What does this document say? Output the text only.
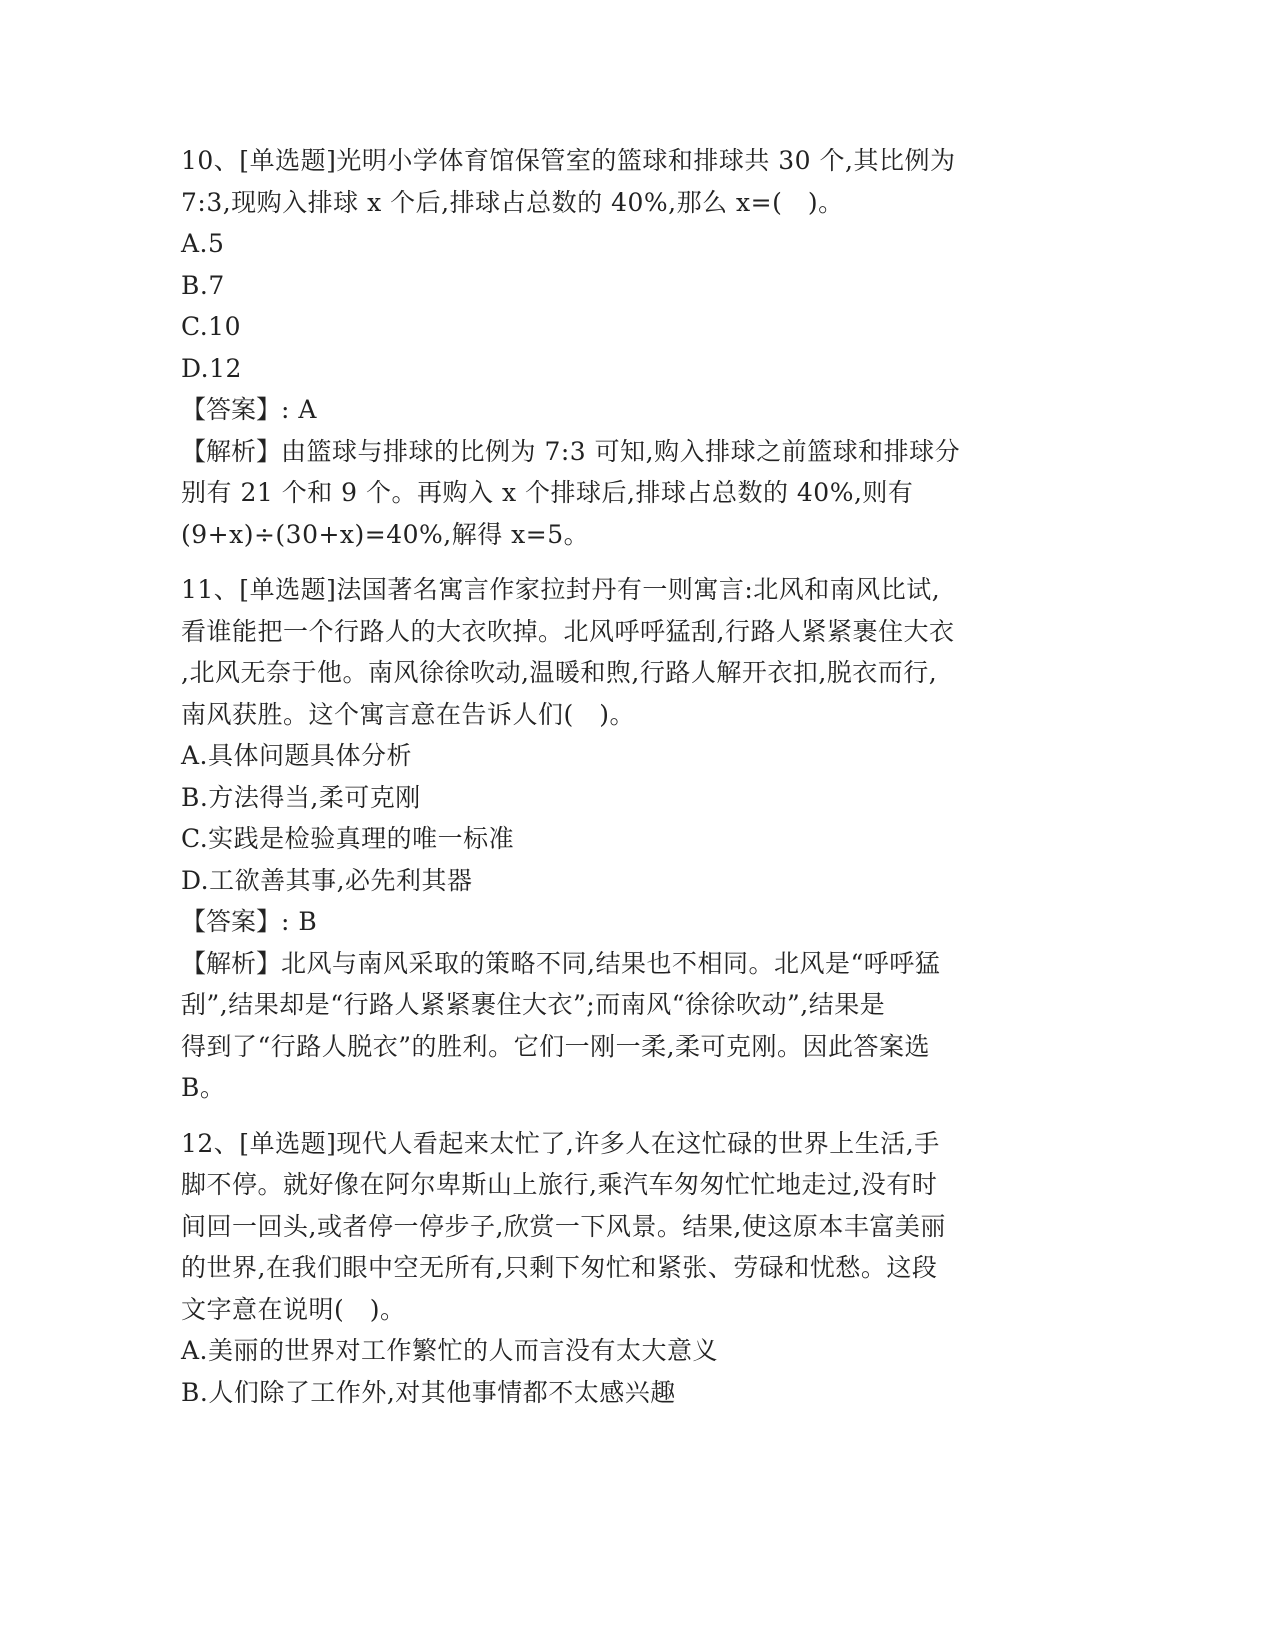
10、[单选题]光明小学体育馆保管室的篮球和排球共 30 个,其比例为
7:3,现购入排球 x 个后,排球占总数的 40%,那么 x=(　)。
A.5
B.7
C.10
D.12
【答案】: A
【解析】由篮球与排球的比例为 7:3 可知,购入排球之前篮球和排球分
别有 21 个和 9 个。再购入 x 个排球后,排球占总数的 40%,则有
(9+x)÷(30+x)=40%,解得 x=5。
11、[单选题]法国著名寓言作家拉封丹有一则寓言:北风和南风比试,
看谁能把一个行路人的大衣吹掉。北风呼呼猛刮,行路人紧紧裹住大衣
,北风无奈于他。南风徐徐吹动,温暖和煦,行路人解开衣扣,脱衣而行,
南风获胜。这个寓言意在告诉人们(　)。
A.具体问题具体分析
B.方法得当,柔可克刚
C.实践是检验真理的唯一标准
D.工欲善其事,必先利其器
【答案】: B
【解析】北风与南风采取的策略不同,结果也不相同。北风是“呼呼猛
刮”,结果却是“行路人紧紧裹住大衣”;而南风“徐徐吹动”,结果是
得到了“行路人脱衣”的胜利。它们一刚一柔,柔可克刚。因此答案选
B。
12、[单选题]现代人看起来太忙了,许多人在这忙碌的世界上生活,手
脚不停。就好像在阿尔卑斯山上旅行,乘汽车匆匆忙忙地走过,没有时
间回一回头,或者停一停步子,欣赏一下风景。结果,使这原本丰富美丽
的世界,在我们眼中空无所有,只剩下匆忙和紧张、劳碌和忧愁。这段
文字意在说明(　)。
A.美丽的世界对工作繁忙的人而言没有太大意义
B.人们除了工作外,对其他事情都不太感兴趣
